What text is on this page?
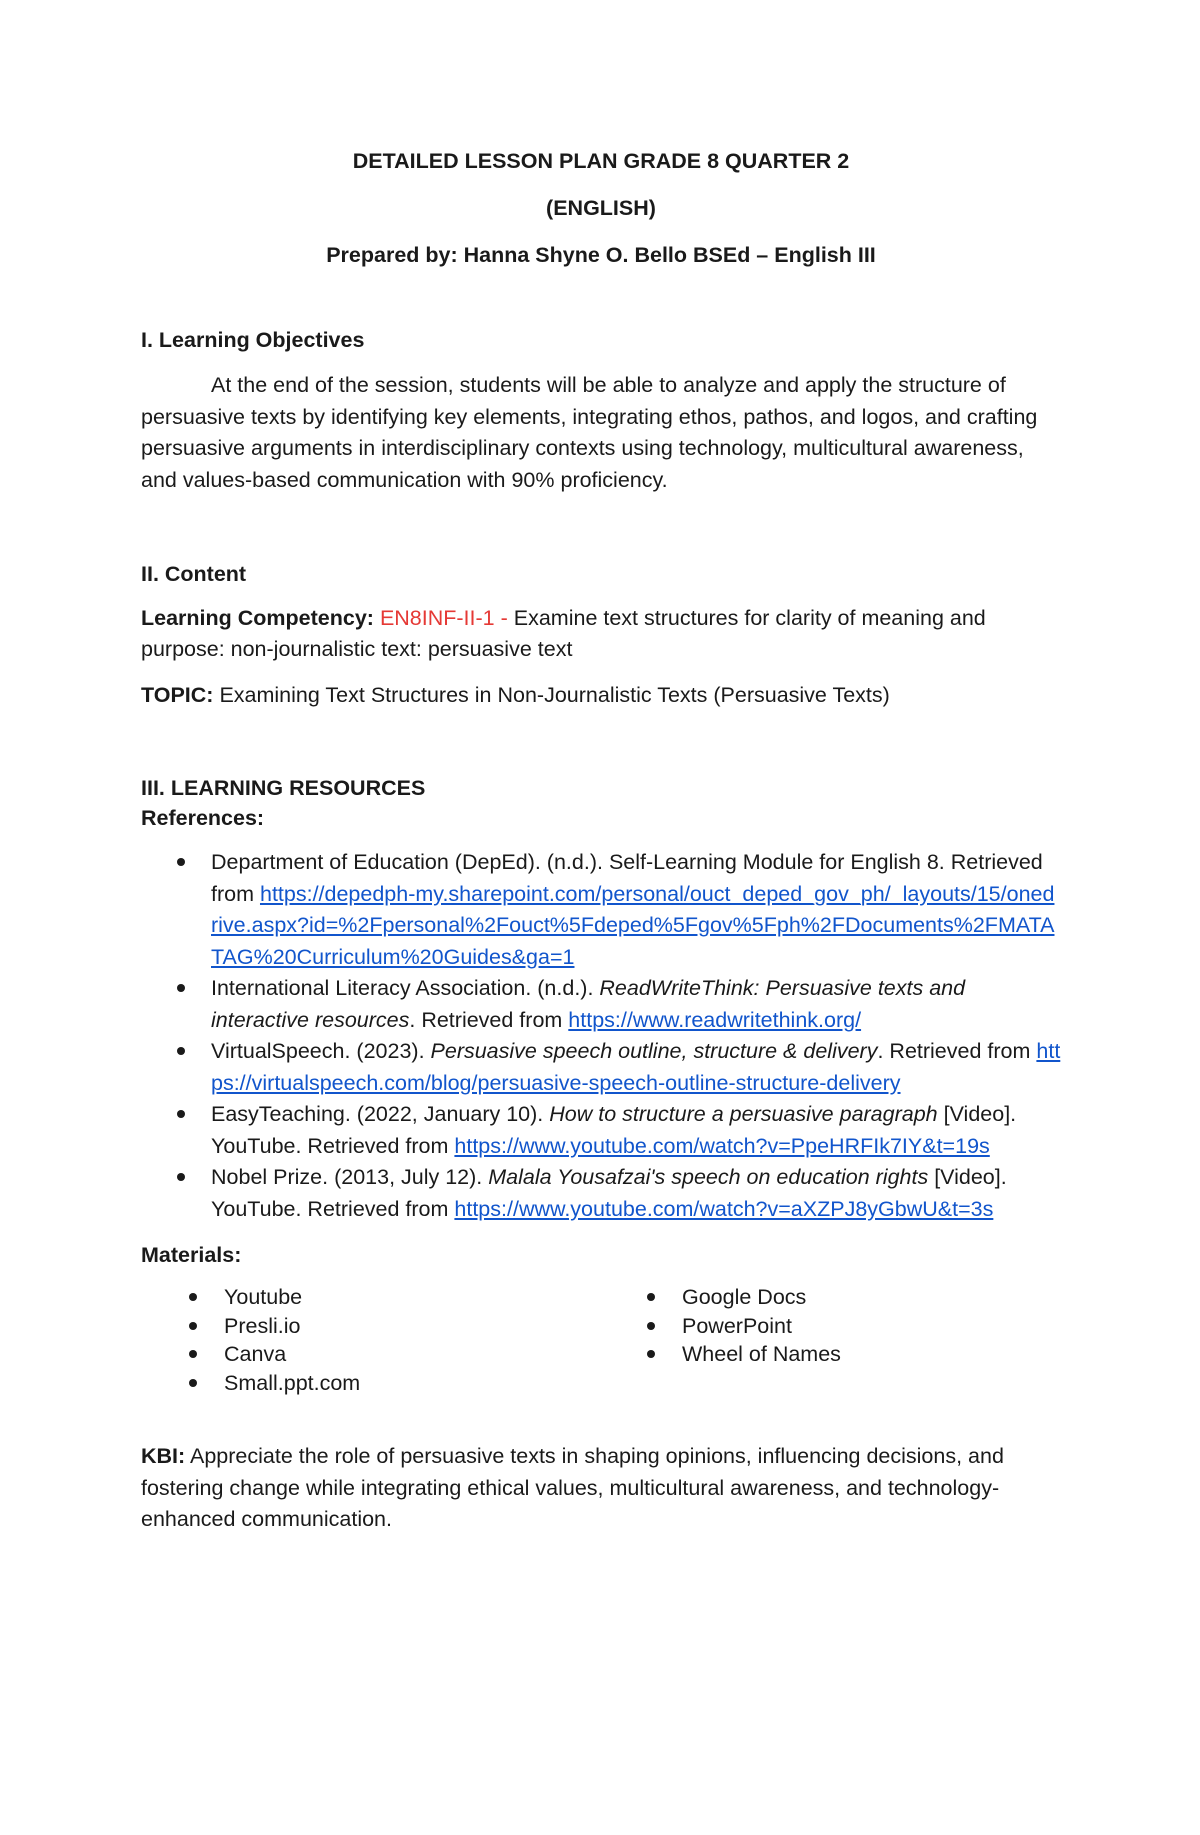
DETAILED LESSON PLAN GRADE 8 QUARTER 2

(ENGLISH)

Prepared by: Hanna Shyne O. Bello BSEd – English III

I. Learning Objectives

At the end of the session, students will be able to analyze and apply the structure of persuasive texts by identifying key elements, integrating ethos, pathos, and logos, and crafting persuasive arguments in interdisciplinary contexts using technology, multicultural awareness, and values-based communication with 90% proficiency.

II. Content

Learning Competency: EN8INF-II-1 - Examine text structures for clarity of meaning and purpose: non-journalistic text: persuasive text

TOPIC: Examining Text Structures in Non-Journalistic Texts (Persuasive Texts)

III. LEARNING RESOURCES

References:

Department of Education (DepEd). (n.d.). Self-Learning Module for English 8. Retrieved from https://depedph-my.sharepoint.com/personal/ouct_deped_gov_ph/_layouts/15/onedrive.aspx?id=%2Fpersonal%2Fouct%5Fdeped%5Fgov%5Fph%2FDocuments%2FMATATAG%20Curriculum%20Guides&ga=1
International Literacy Association. (n.d.). ReadWriteThink: Persuasive texts and interactive resources. Retrieved from https://www.readwritethink.org/
VirtualSpeech. (2023). Persuasive speech outline, structure & delivery. Retrieved from https://virtualspeech.com/blog/persuasive-speech-outline-structure-delivery
EasyTeaching. (2022, January 10). How to structure a persuasive paragraph [Video]. YouTube. Retrieved from https://www.youtube.com/watch?v=PpeHRFIk7IY&t=19s
Nobel Prize. (2013, July 12). Malala Yousafzai's speech on education rights [Video]. YouTube. Retrieved from https://www.youtube.com/watch?v=aXZPJ8yGbwU&t=3s

Materials:

Youtube
Presli.io
Canva
Small.ppt.com
Google Docs
PowerPoint
Wheel of Names

KBI: Appreciate the role of persuasive texts in shaping opinions, influencing decisions, and fostering change while integrating ethical values, multicultural awareness, and technology-enhanced communication.
